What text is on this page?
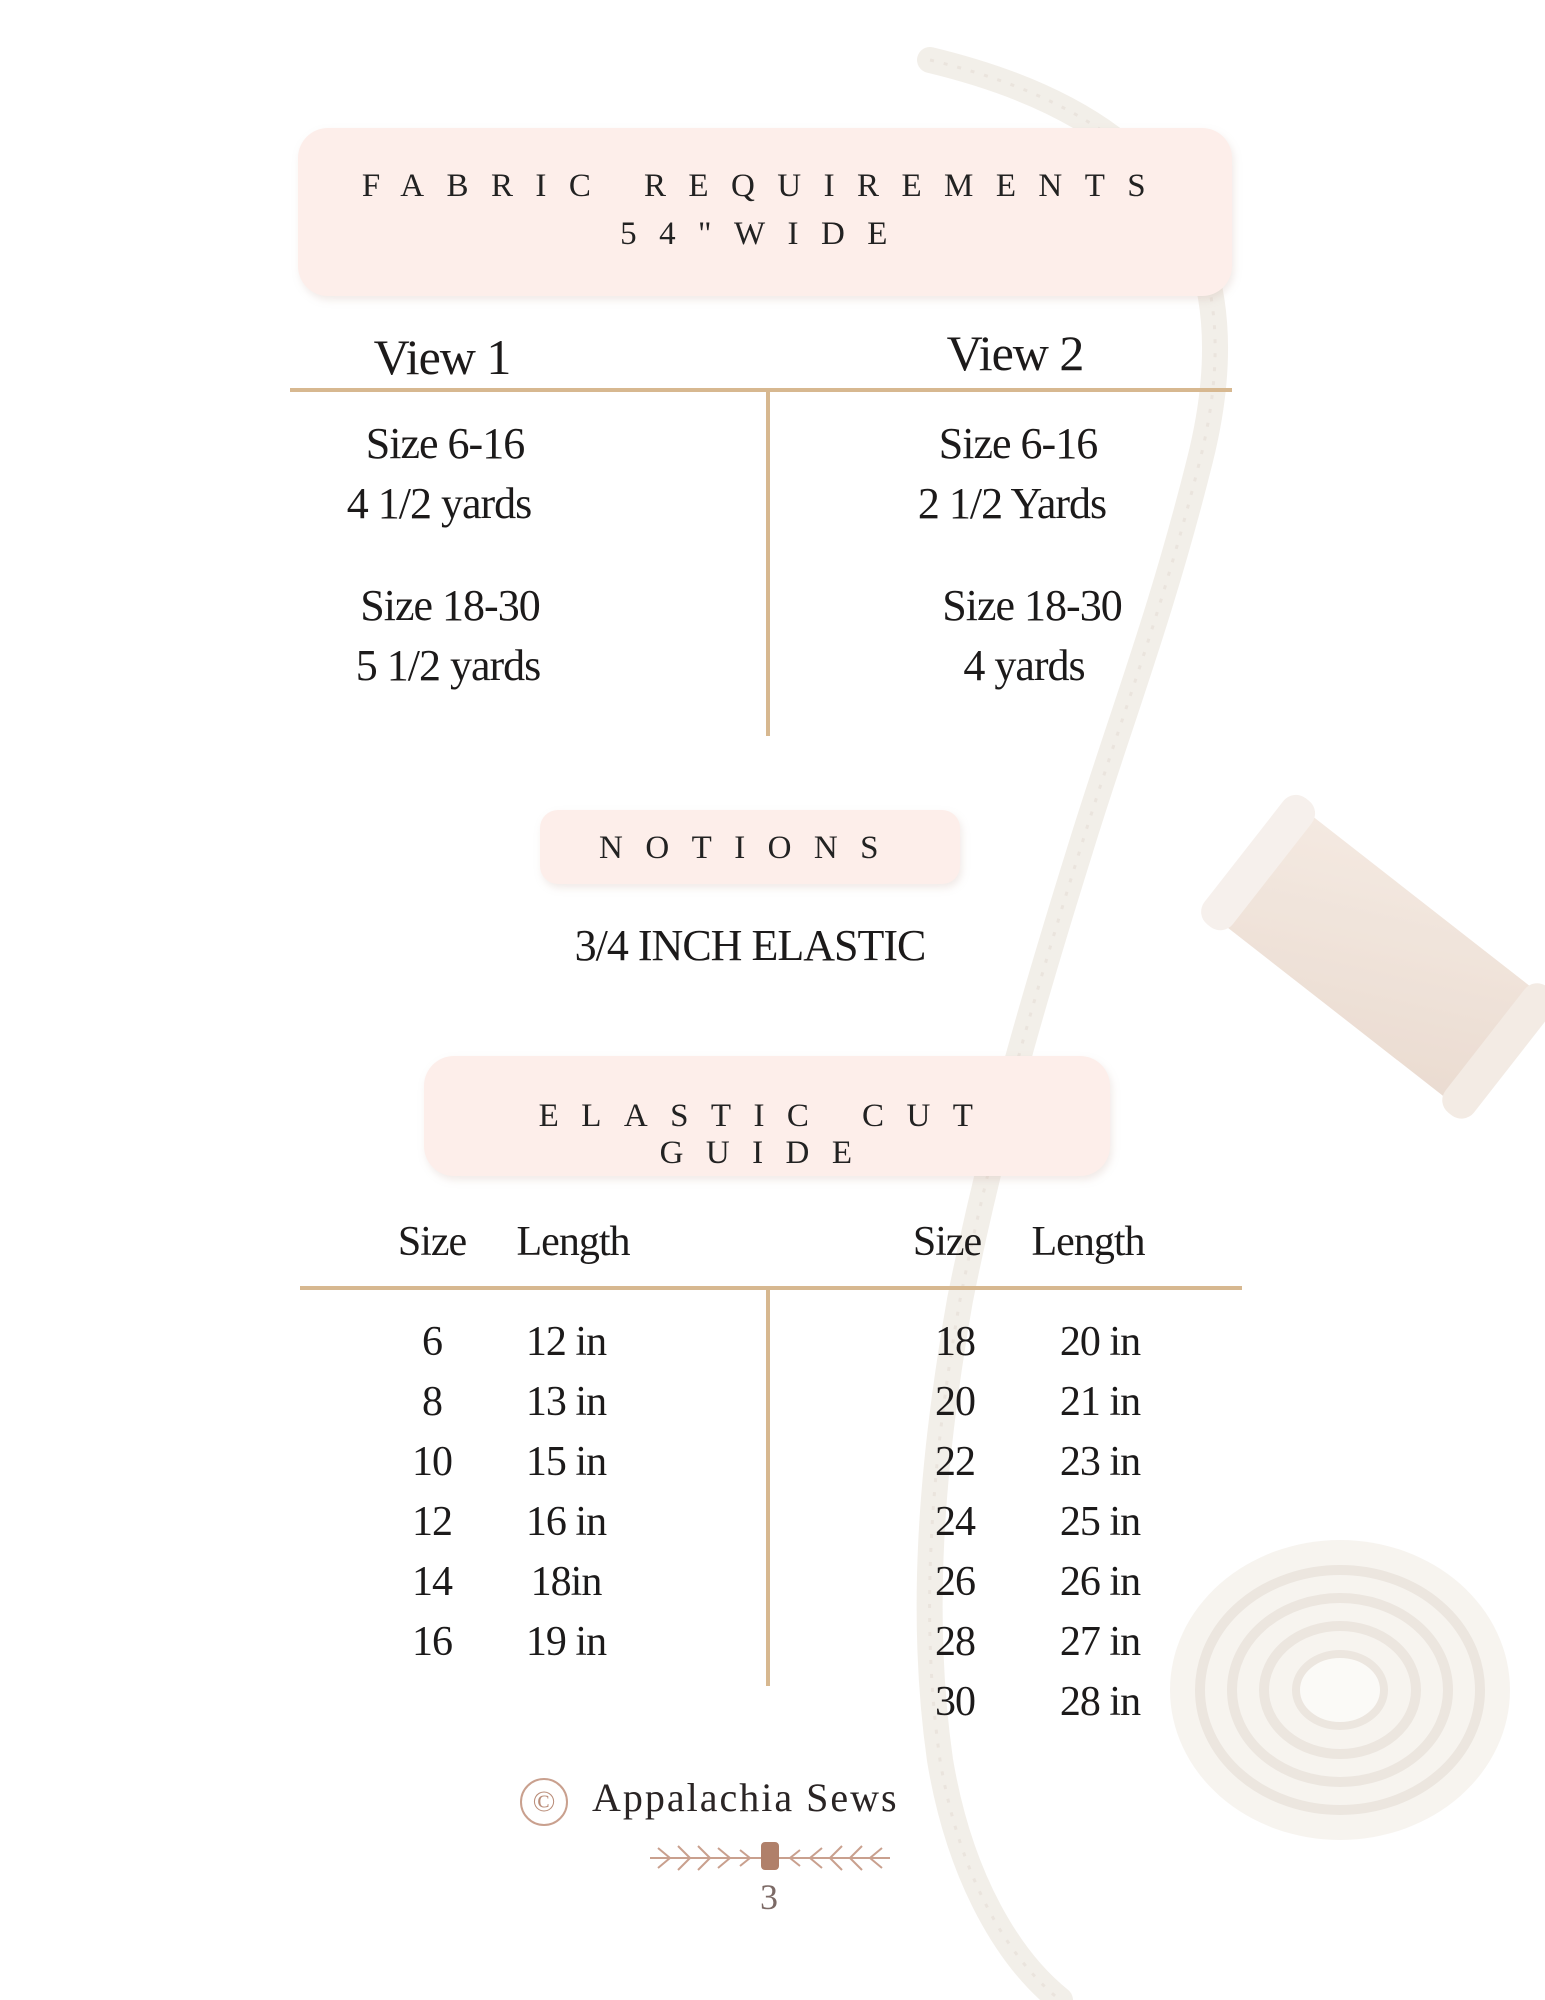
FABRIC REQUIREMENTS
54"WIDE
View 1	View 2
Size 6-16
4 1/2 yards
Size 18-30
5 1/2 yards
Size 6-16
2 1/2 Yards
Size 18-30
4 yards
NOTIONS
3/4 INCH ELASTIC
ELASTIC CUT GUIDE
Size Length	Size Length
6 12 in
8 13 in
10 15 in
12 16 in
14 18in
16 19 in
18 20 in
20 21 in
22 23 in
24 25 in
26 26 in
28 27 in
30 28 in
© Appalachia Sews
3
